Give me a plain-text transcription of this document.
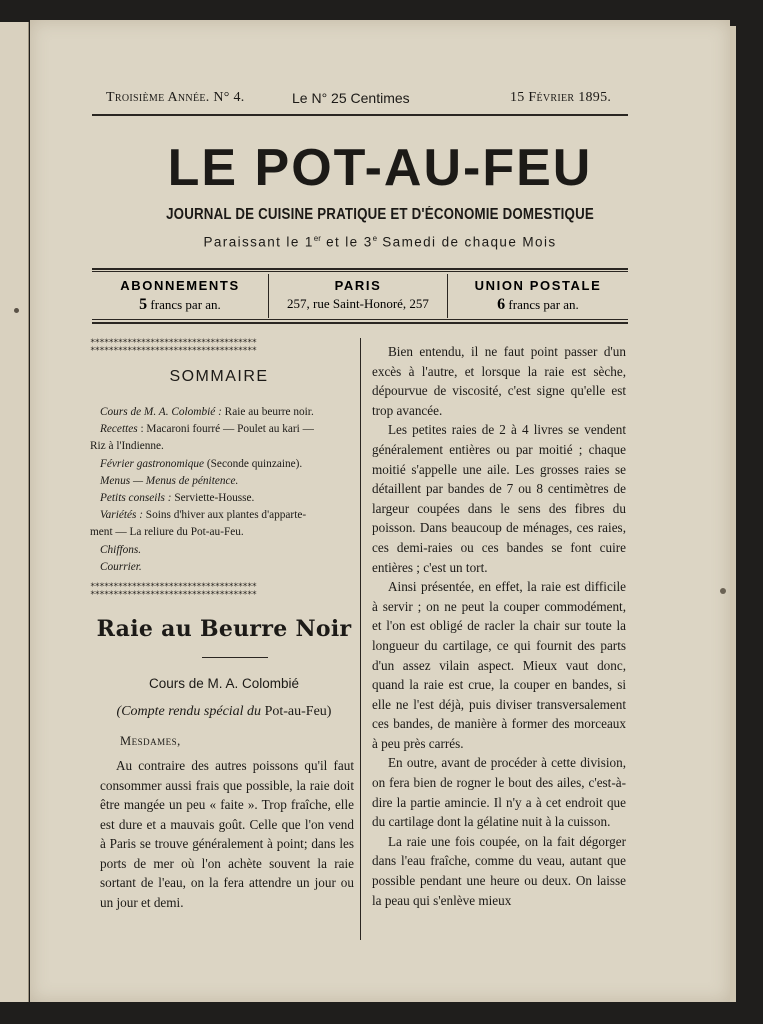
Troisième Année. N° 4.	Le N° 25 Centimes	15 Février 1895.
LE POT-AU-FEU
JOURNAL DE CUISINE PRATIQUE ET D'ÉCONOMIE DOMESTIQUE
Paraissant le 1er et le 3e Samedi de chaque Mois
ABONNEMENTS
5 francs par an.
PARIS
257, rue Saint-Honoré, 257
UNION POSTALE
6 francs par an.
************************************
************************************
SOMMAIRE

Cours de M. A. Colombié : Raie au beurre noir.

Recettes : Macaroni fourré — Poulet au kari —

Riz à l'Indienne.

Février gastronomique (Seconde quinzaine).

Menus — Menus de pénitence.

Petits conseils : Serviette-Housse.

Variétés : Soins d'hiver aux plantes d'apparte-

ment — La reliure du Pot-au-Feu.

Chiffons.

Courrier.

************************************
************************************
Raie au Beurre Noir
Cours de M. A. Colombié
(Compte rendu spécial du Pot-au-Feu)
Mesdames,

Au contraire des autres poissons qu'il faut consommer aussi frais que possible, la raie doit être mangée un peu « faite ». Trop fraîche, elle est dure et a mauvais goût. Celle que l'on vend à Paris se trouve généralement à point; dans les ports de mer où l'on achète souvent la raie sortant de l'eau, on la fera attendre un jour ou un jour et demi.

Bien entendu, il ne faut point passer d'un excès à l'autre, et lorsque la raie est sèche, dépourvue de viscosité, c'est signe qu'elle est trop avancée.

Les petites raies de 2 à 4 livres se vendent généralement entières ou par moitié ; chaque moitié s'appelle une aile. Les grosses raies se détaillent par bandes de 7 ou 8 centimètres de largeur coupées dans le sens des fibres du poisson. Dans beaucoup de ménages, ces raies, ces demi-raies ou ces bandes se font cuire entières ; c'est un tort.

Ainsi présentée, en effet, la raie est difficile à servir ; on ne peut la couper commodément, et l'on est obligé de racler la chair sur toute la longueur du cartilage, ce qui fournit des parts d'un assez vilain aspect. Mieux vaut donc, quand la raie est crue, la couper en bandes, si elle ne l'est déjà, puis diviser transversalement ces bandes, de manière à former des morceaux à peu près carrés.

En outre, avant de procéder à cette division, on fera bien de rogner le bout des ailes, c'est-à-dire la partie amincie. Il n'y a à cet endroit que du cartilage dont la gélatine nuit à la cuisson.

La raie une fois coupée, on la fait dégorger dans l'eau fraîche, comme du veau, autant que possible pendant une heure ou deux. On laisse la peau qui s'enlève mieux
